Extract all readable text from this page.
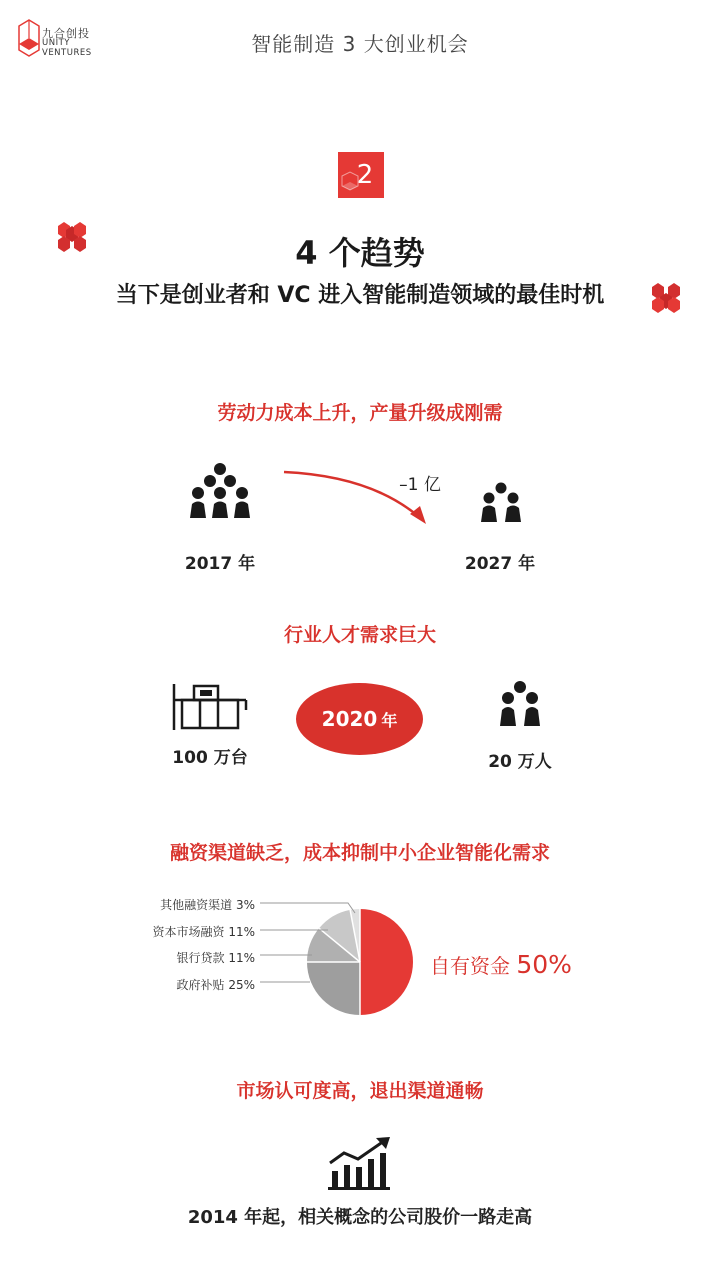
九合创投
UNITY
VENTURES	智能制造 3 大创业机会
2
4 个趋势
当下是创业者和 VC 进入智能制造领域的最佳时机
劳动力成本上升，产量升级成刚需
–1 亿
2017 年	2027 年
行业人才需求巨大
2020 年
100 万台	20 万人
融资渠道缺乏，成本抑制中小企业智能化需求
其他融资渠道 3%
资本市场融资 11%
银行贷款 11%
政府补贴 25%
自有资金 50%
市场认可度高，退出渠道通畅
2014 年起，相关概念的公司股价一路走高
